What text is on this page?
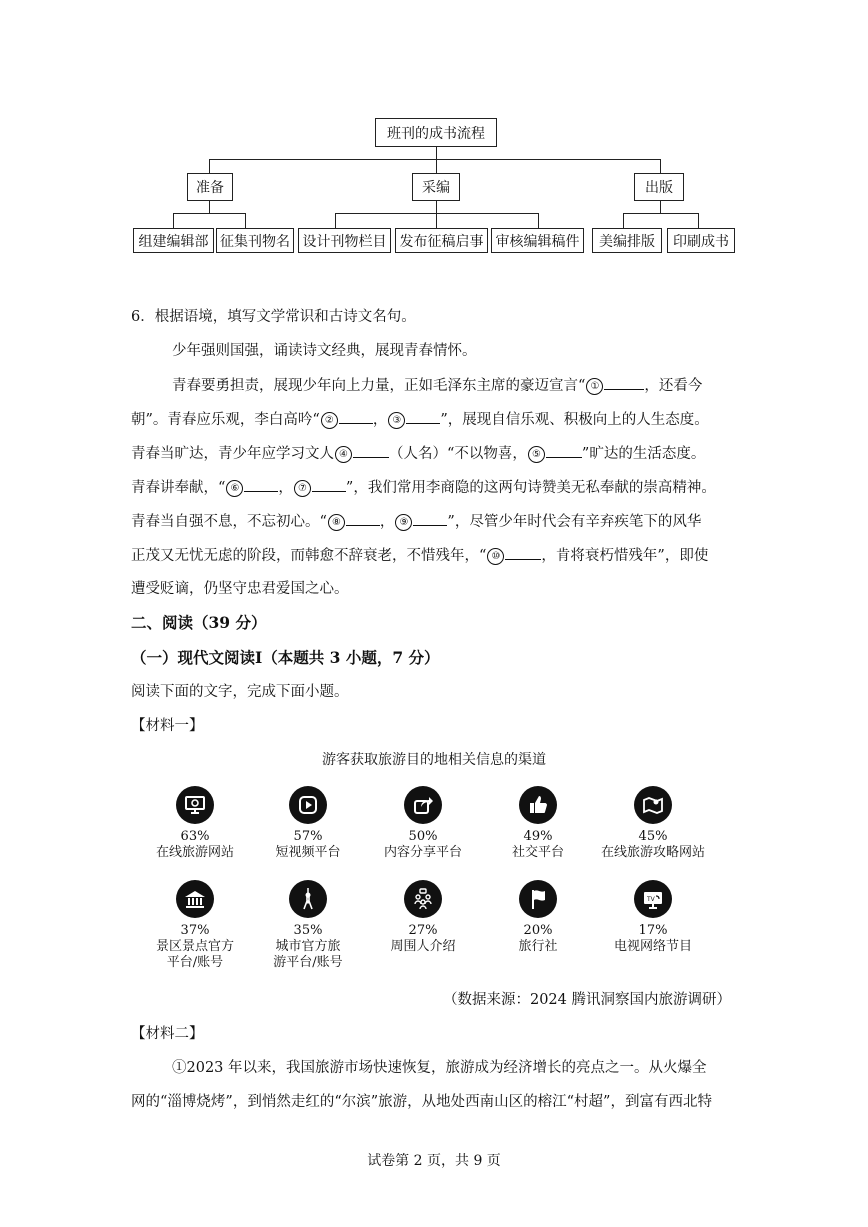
班刊的成书流程
准备	采编	出版
组建编辑部 征集刊物名 设计刊物栏目 发布征稿启事 审核编辑稿件	美编排版	印刷成书
6．根据语境，填写文学常识和古诗文名句。
少年强则国强，诵读诗文经典，展现青春情怀。
青春要勇担责，展现少年向上力量，正如毛泽东主席的豪迈宣言“ ①	，还看今
朝”。青春应乐观，李白高吟“ ②	， ③	”，展现自信乐观、积极向上的人生态度。
青春当旷达，青少年应学习文人 ④	（人名）“不以物喜， ⑤	”旷达的生活态度。
青春讲奉献，“ ⑥	， ⑦	”，我们常用李商隐的这两句诗赞美无私奉献的崇高精神。
青春当自强不息，不忘初心。“ ⑧	， ⑨	”，尽管少年时代会有辛弃疾笔下的风华
正茂又无忧无虑的阶段，而韩愈不辞衰老，不惜残年，“ ⑩	，肯将衰朽惜残年”，即使
遭受贬谪，仍坚守忠君爱国之心。
二、阅读（39 分）
（一）现代文阅读Ⅰ（本题共 3 小题，7 分）
阅读下面的文字，完成下面小题。
【材料一】
游客获取旅游目的地相关信息的渠道
63%
在线旅游网站
57%
短视频平台
50%
内容分享平台
49%
社交平台
45%
在线旅游攻略网站
37%
景区景点官方
平台/账号
35%
城市官方旅
游平台/账号
27%
周围人介绍
20%
旅行社
TV
17%
电视网络节目
（数据来源：2024 腾讯洞察国内旅游调研）
【材料二】
①2023 年以来，我国旅游市场快速恢复，旅游成为经济增长的亮点之一。从火爆全
网的“淄博烧烤”，到悄然走红的“尔滨”旅游，从地处西南山区的榕江“村超”，到富有西北特
试卷第 2 页，共 9 页
